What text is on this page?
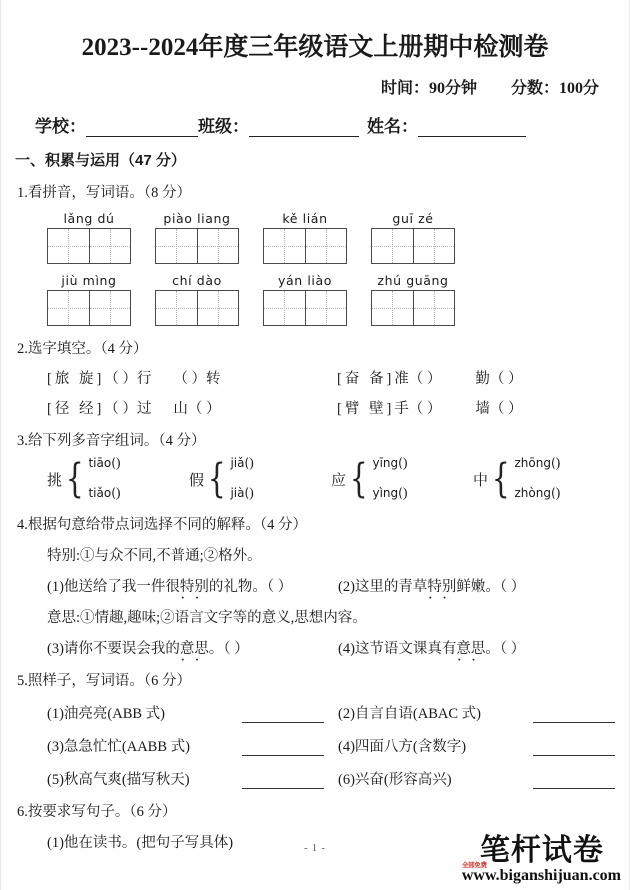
2023--2024年度三年级语文上册期中检测卷
时间：90分钟 分数：100分
学校：	班级：	姓名：
一、积累与运用（47 分）
1.看拼音，写词语。（8 分）
lǎng dú	piào liang	kě lián	guī zé
jiù mìng	chí dào	yán liào	zhú guāng
2.选字填空。（4 分）
[旅 旋]（ ）行 （ ）转	[奋 备]准（ ） 勤（ ）
[径 经]（ ）过 山（ ）	[臂 壁]手（ ） 墙（ ）
3.给下列多音字组词。（4 分）
挑 { tiāo()
tiǎo()
假 { jiǎ()
jià()
应 { yīng()
yìng()
中 { zhōng()
zhòng()
4.根据句意给带点词选择不同的解释。（4 分）
特别:①与众不同,不普通;②格外。
(1)他送给了我一件很特别 ··的礼物。（ ）	(2)这里的青草特别 ··鲜嫩。（ ）
意思:①情趣,趣味;②语言文字等的意义,思想内容。
(3)请你不要误会我的意思 ··。（ ）	(4)这节语文课真有意思 ··。（ ）
5.照样子，写词语。（6 分）
(1)油亮亮(ABB 式)	(2)自言自语(ABAC 式)
(3)急急忙忙(AABB 式)	(4)四面八方(含数字)
(5)秋高气爽(描写秋天)	(6)兴奋(形容高兴)
6.按要求写句子。（6 分）
(1)他在读书。(把句子写具体)	- 1 -
全部免费
笔杆试卷
www.biganshijuan.com
